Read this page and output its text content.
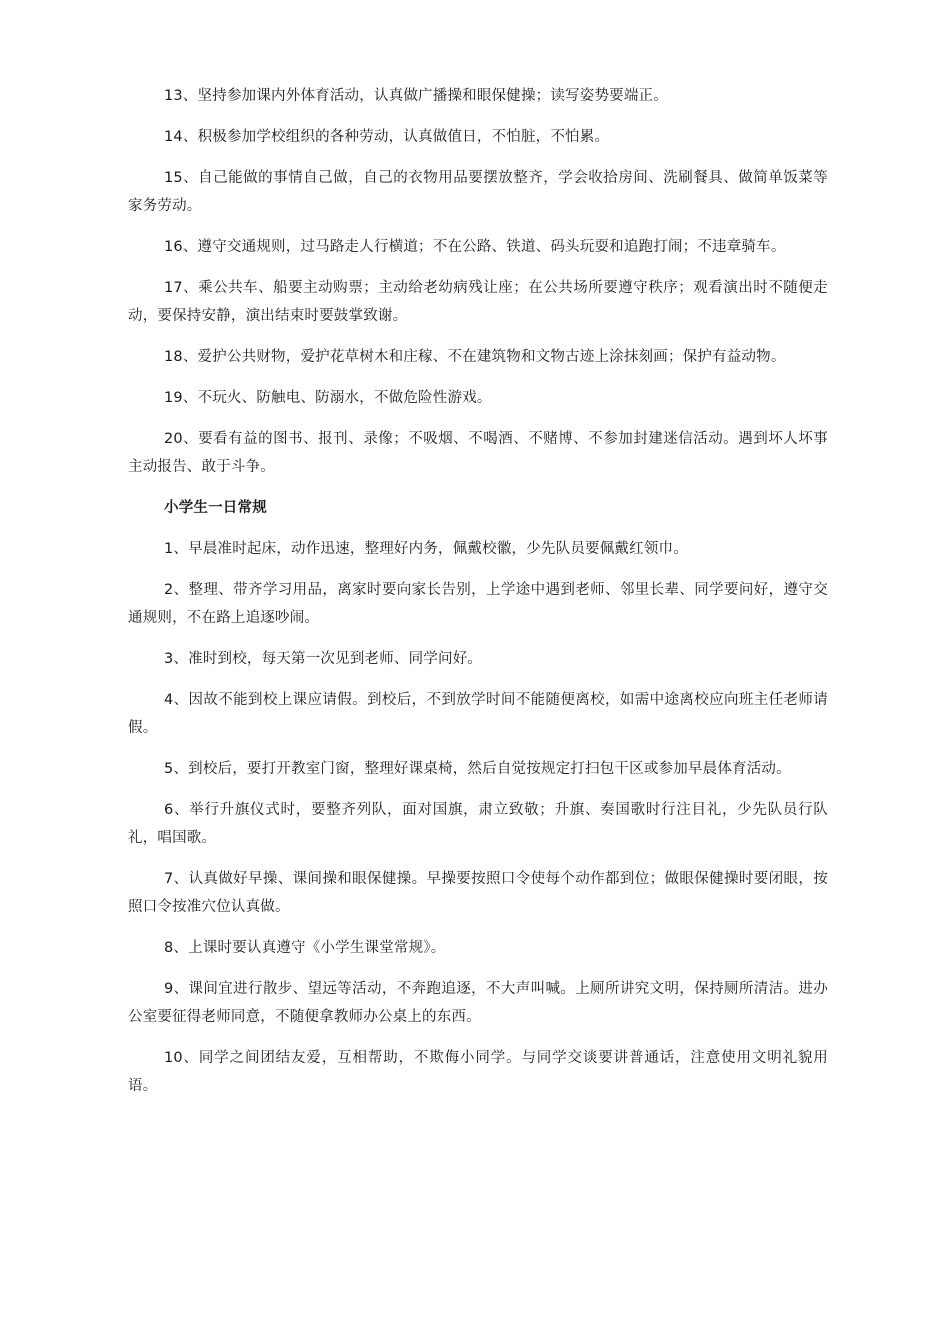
13、坚持参加课内外体育活动，认真做广播操和眼保健操；读写姿势要端正。

14、积极参加学校组织的各种劳动，认真做值日，不怕脏，不怕累。

15、自己能做的事情自己做，自己的衣物用品要摆放整齐，学会收拾房间、洗刷餐具、做简单饭菜等家务劳动。

16、遵守交通规则，过马路走人行横道；不在公路、铁道、码头玩耍和追跑打闹；不违章骑车。

17、乘公共车、船要主动购票；主动给老幼病残让座；在公共场所要遵守秩序；观看演出时不随便走动，要保持安静，演出结束时要鼓掌致谢。

18、爱护公共财物，爱护花草树木和庄稼、不在建筑物和文物古迹上涂抹刻画；保护有益动物。

19、不玩火、防触电、防溺水，不做危险性游戏。

20、要看有益的图书、报刊、录像；不吸烟、不喝酒、不赌博、不参加封建迷信活动。遇到坏人坏事主动报告、敢于斗争。

小学生一日常规

1、早晨准时起床，动作迅速，整理好内务，佩戴校徽，少先队员要佩戴红领巾。

2、整理、带齐学习用品，离家时要向家长告别，上学途中遇到老师、邻里长辈、同学要问好，遵守交通规则，不在路上追逐吵闹。

3、准时到校，每天第一次见到老师、同学问好。

4、因故不能到校上课应请假。到校后，不到放学时间不能随便离校，如需中途离校应向班主任老师请假。

5、到校后，要打开教室门窗，整理好课桌椅，然后自觉按规定打扫包干区或参加早晨体育活动。

6、举行升旗仪式时，要整齐列队，面对国旗，肃立致敬；升旗、奏国歌时行注目礼，少先队员行队礼，唱国歌。

7、认真做好早操、课间操和眼保健操。早操要按照口令使每个动作都到位；做眼保健操时要闭眼，按照口令按准穴位认真做。

8、上课时要认真遵守《小学生课堂常规》。

9、课间宜进行散步、望远等活动，不奔跑追逐，不大声叫喊。上厕所讲究文明，保持厕所清洁。进办公室要征得老师同意，不随便拿教师办公桌上的东西。

10、同学之间团结友爱，互相帮助，不欺侮小同学。与同学交谈要讲普通话，注意使用文明礼貌用语。
